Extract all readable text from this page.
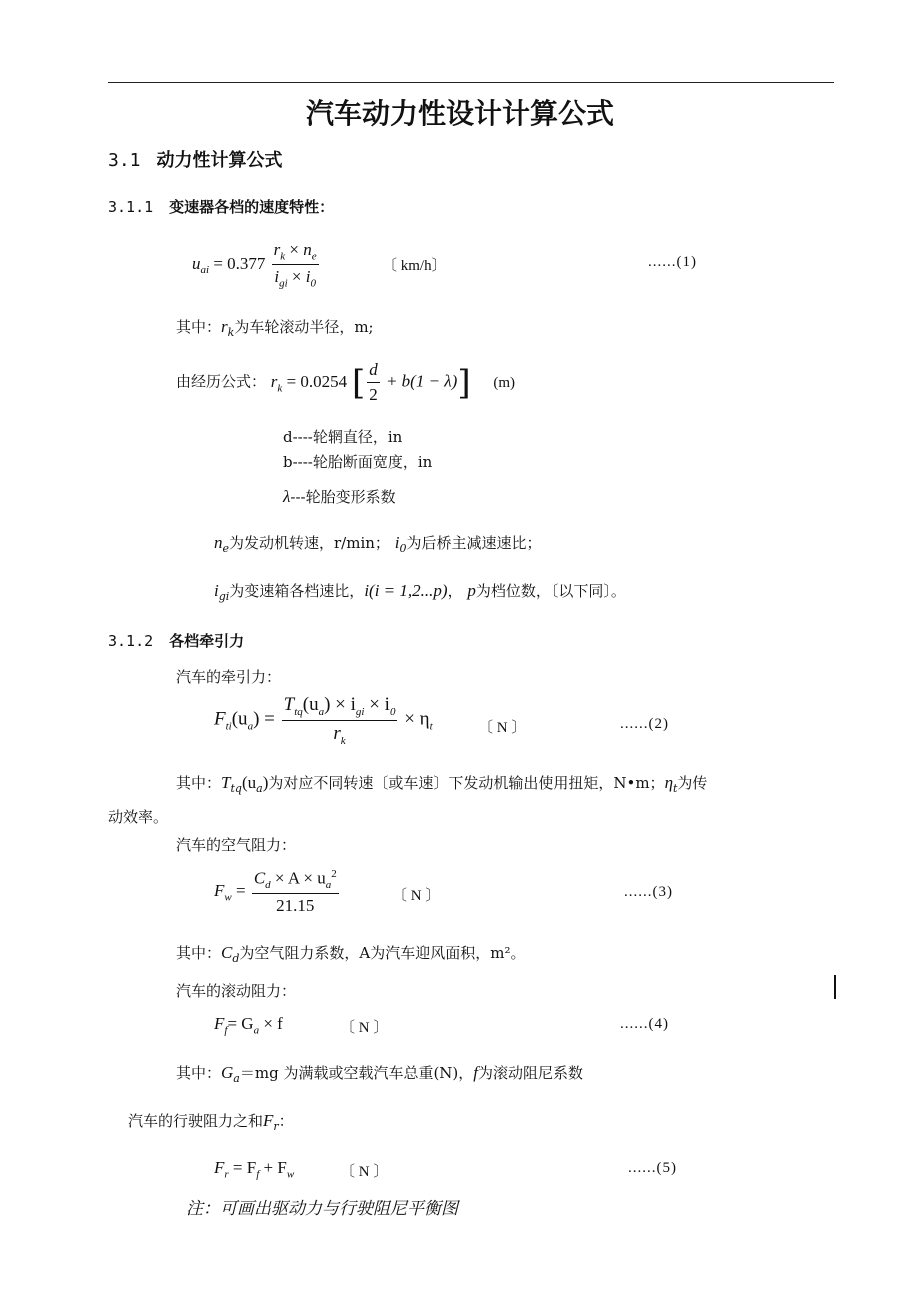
汽车动力性设计计算公式
3.1 动力性计算公式
3.1.1 变速器各档的速度特性：
$u_{ai} = 0.377 \frac{r_k \times n_e}{i_{gi} \times i_0}$	〔 km/h〕	......(1)
其中：$r_k$为车轮滚动半径，m;
由经历公式： $r_k = 0.0254$ [ $\frac{d}{2} + b(1 - \lambda)$] (m)
d----轮辋直径，in
b----轮胎断面宽度，in
λ---轮胎变形系数
$n_e$为发动机转速，r/min； $i_0$为后桥主减速速比；
$i_{gi}$为变速箱各档速比，i(i = 1,2...p)， p为档位数，〔以下同〕。
3.1.2 各档牵引力
汽车的牵引力：
$F_{ti}(u_a) = \frac{T_{tq}(u_a) \times i_{gi} \times i_0}{r_k} \times \eta_t$	〔 N 〕	......(2)
其中：$T_{tq}(u_a)$为对应不同转速〔或车速〕下发动机输出使用扭矩，N•m；$\eta_t$为传
动效率。
汽车的空气阻力：
$F_w = \frac{C_d \times A \times u_a^2}{21.15}$	〔 N 〕	......(3)
其中：$C_d$为空气阻力系数，A为汽车迎风面积，m²。
汽车的滚动阻力：
$F_f= G_a \times f$	〔 N 〕	......(4)
其中：$G_a=mg$ 为满载或空载汽车总重(N)，f为滚动阻尼系数
汽车的行驶阻力之和$F_r$：
$F_r = F_f + F_w$	〔 N 〕	......(5)
注：可画出驱动力与行驶阻尼平衡图
